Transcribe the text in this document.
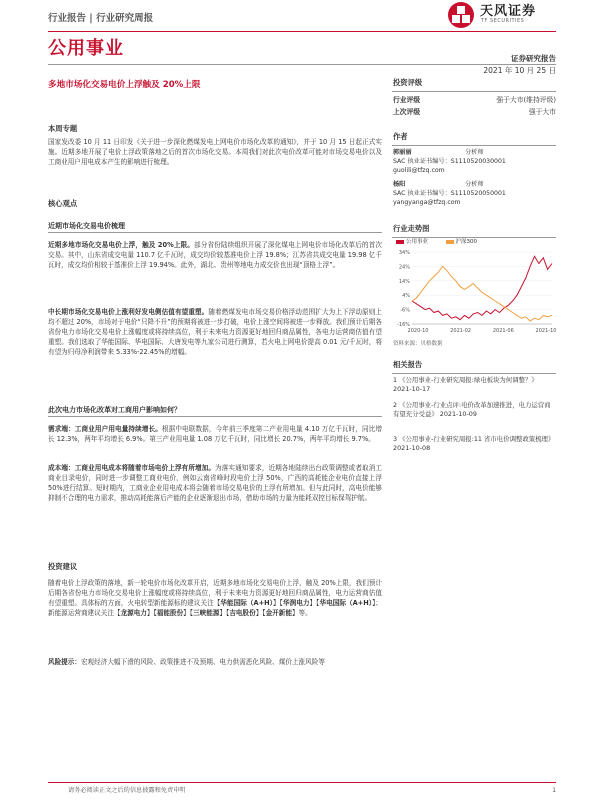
行业报告 | 行业研究周报	天风证券
TF SECURITIES
公用事业	证券研究报告
2021 年 10 月 25 日
多地市场化交易电价上浮触及 20%上限	投资评级
行业评级	强于大市(维持评级)
上次评级	强于大市
作者
郭丽丽	分析师
SAC 执业证书编号：S1110520030001
guolili@tfzq.com
杨阳	分析师
SAC 执业证书编号：S1110520050001
yangyanga@tfzq.com
行业走势图
公用事业	沪深300
34%
24%
14%
4%
-6%
-16%
2020-10	2021-02	2021-06	2021-10
资料来源：贝格数据
相关报告
1 《公用事业-行业研究周报:绿电板块为何调整？》 2021-10-17
2 《公用事业-行业点评:电价改革加速推进，电力运营商有望充分受益》 2021-10-09
3 《公用事业-行业研究周报:11 省市电价调整政策梳理》 2021-10-08
本周专题
国家发改委 10 月 11 日印发《关于进一步深化燃煤发电上网电价市场化改革的通知》，并于 10 月 15 日起正式实施。近期多地开展了电价上浮政策落地之后的首次市场化交易。本周我们对此次电价改革可能对市场交易电价以及工商业用户用电成本产生的影响进行梳理。
核心观点
近期市场化交易电价梳理
近期多地市场化交易电价上浮，触及 20%上限。部分省份陆续组织开展了深化煤电上网电价市场化改革后的首次交易。其中，山东省成交电量 110.7 亿千瓦时，成交均价较基准电价上浮 19.8%；江苏省共成交电量 19.98 亿千瓦时，成交均价相较于基准价上浮 19.94%。此外，湖北、贵州等地电力成交价也出现“顶格上浮”。
中长期市场化交易电价上涨利好发电侧估值有望重塑。随着燃煤发电市场交易价格浮动范围扩大为上下浮动原则上均不超过 20%，市场对于电价“只降不升”的预期将被进一步打破，电价上涨空间将被进一步释放。我们预计后期各省份电力市场化交易电价上涨幅度或将持续高位，利于未来电力资源更好地回归商品属性，各电力运营商估值有望重塑。我们选取了华能国际、华电国际、大唐发电等九家公司进行测算，若火电上网电价提高 0.01 元/千瓦时，将有望为归母净利润带来 5.33%-22.45%的增幅。
此次电力市场化改革对工商用户影响如何？
需求端：工商业用户用电量持续增长。根据中电联数据，今年前三季度第二产业用电量 4.10 万亿千瓦时，同比增长 12.3%，两年平均增长 6.9%。第三产业用电量 1.08 万亿千瓦时，同比增长 20.7%，两年平均增长 9.7%。
成本端：工商业用电成本将随着市场电价上浮有所增加。为落实通知要求，近期各地陆续出台政策调整或者取消工商业目录电价，同时进一步调整工商业电价，例如云南省峰时段电价上浮 50%，广西的高耗能企业电价直接上浮 50%进行结算。短时期内，工商业企业用电成本将会随着市场交易电价的上浮有所增加。但与此同时，高电价能够抑制不合理的电力需求，推动高耗能落后产能的企业逐渐退出市场，借助市场的力量为能耗双控目标保驾护航。
投资建议
随着电价上浮政策的落地，新一轮电价市场化改革开启，近期多地市场化交易电价上浮，触及 20%上限，我们预计后期各省份电力市场化交易电价上涨幅度或将持续高位，利于未来电力资源更好地回归商品属性，电力运营商估值有望重塑。具体标的方面，火电转型新能源标的建议关注【华能国际（A+H）】【华润电力】【华电国际（A+H）】；新能源运营商建议关注【龙源电力】【福能股份】【三峡能源】【吉电股份】【金开新能】等。
风险提示：宏观经济大幅下滑的风险、政策推进不及预期、电力供需恶化风险、煤价上涨风险等
请务必阅读正文之后的信息披露和免责申明	1
